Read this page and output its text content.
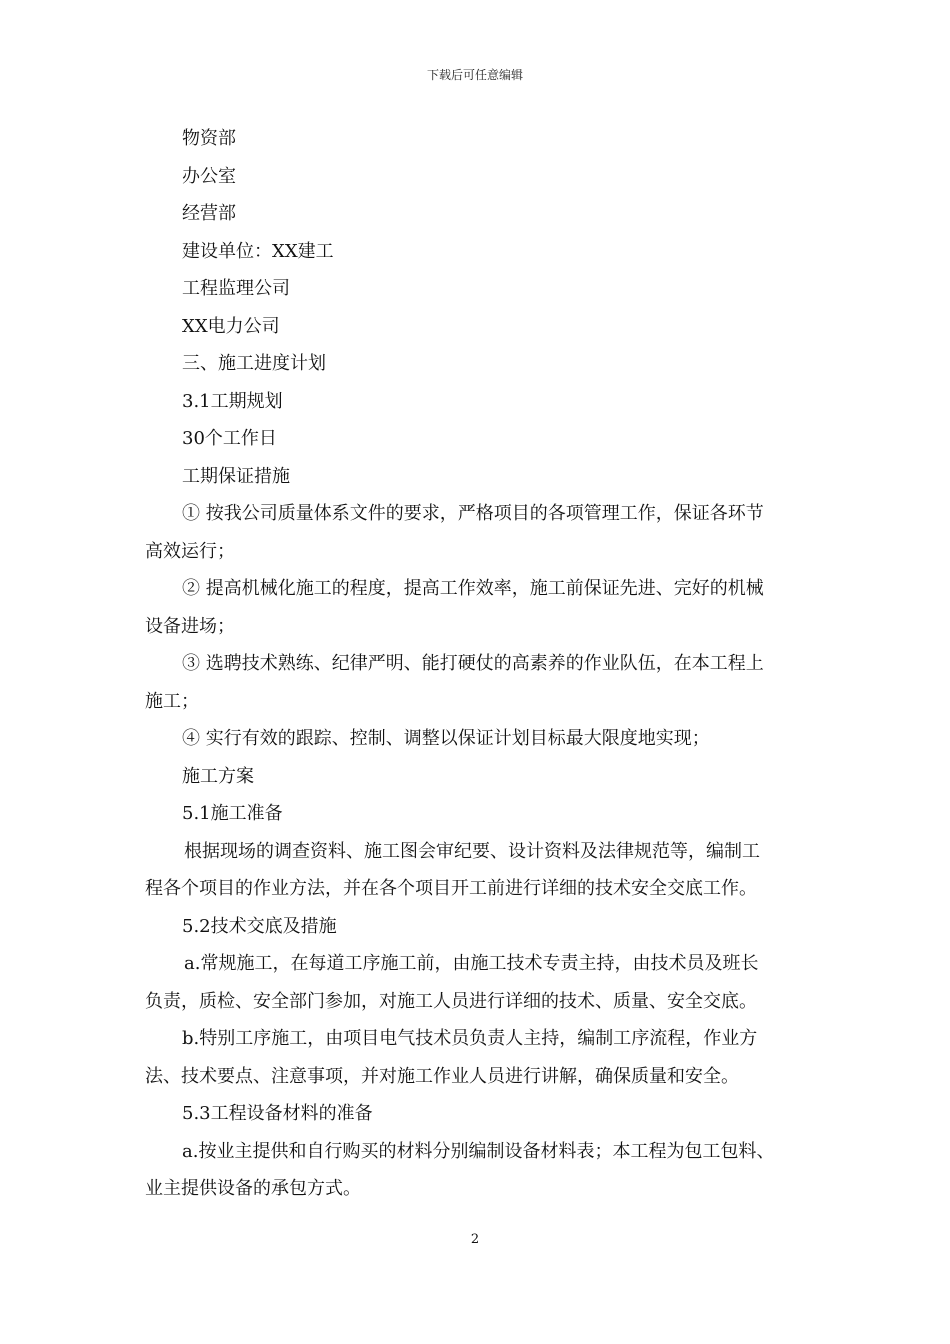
下载后可任意编辑

物资部

办公室

经营部

建设单位：XX建工

工程监理公司

XX电力公司

三、施工进度计划

3.1工期规划

30个工作日

工期保证措施

① 按我公司质量体系文件的要求，严格项目的各项管理工作，保证各环节

高效运行；

② 提高机械化施工的程度，提高工作效率，施工前保证先进、完好的机械

设备进场；

③ 选聘技术熟练、纪律严明、能打硬仗的高素养的作业队伍，在本工程上

施工；

④ 实行有效的跟踪、控制、调整以保证计划目标最大限度地实现；

施工方案

5.1施工准备

根据现场的调查资料、施工图会审纪要、设计资料及法律规范等，编制工

程各个项目的作业方法，并在各个项目开工前进行详细的技术安全交底工作。

5.2技术交底及措施

a.常规施工，在每道工序施工前，由施工技术专责主持，由技术员及班长

负责，质检、安全部门参加，对施工人员进行详细的技术、质量、安全交底。

b.特别工序施工，由项目电气技术员负责人主持，编制工序流程，作业方

法、技术要点、注意事项，并对施工作业人员进行讲解，确保质量和安全。

5.3工程设备材料的准备

a.按业主提供和自行购买的材料分别编制设备材料表；本工程为包工包料、

业主提供设备的承包方式。

2
